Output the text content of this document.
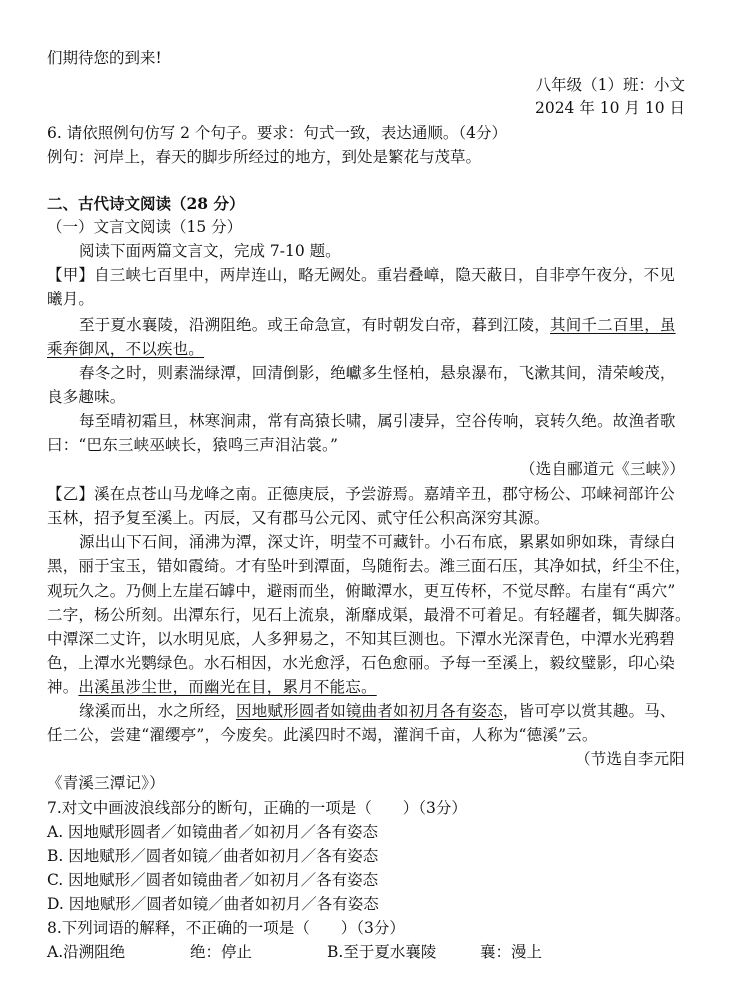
们期待您的到来!
八年级（1）班：小文
2024 年 10 月 10 日
6. 请依照例句仿写 2 个句子。要求：句式一致，表达通顺。（4分）
例句：河岸上，春天的脚步所经过的地方，到处是繁花与茂草。
二、古代诗文阅读（28 分）
（一）文言文阅读（15 分）
阅读下面两篇文言文，完成 7-10 题。
【甲】自三峡七百里中，两岸连山，略无阙处。重岩叠嶂，隐天蔽日，自非亭午夜分，不见
曦月。
至于夏水襄陵，沿溯阻绝。或王命急宣，有时朝发白帝，暮到江陵，其间千二百里，虽
乘奔御风，不以疾也。
春冬之时，则素湍绿潭，回清倒影，绝巘多生怪柏，悬泉瀑布，飞漱其间，清荣峻茂，
良多趣味。
每至晴初霜旦，林寒涧肃，常有高猿长啸，属引凄异，空谷传响，哀转久绝。故渔者歌
曰：“巴东三峡巫峡长，猿鸣三声泪沾裳。”
（选自郦道元《三峡》）
【乙】溪在点苍山马龙峰之南。正德庚辰，予尝游焉。嘉靖辛丑，郡守杨公、邛崃祠部许公
玉林，招予复至溪上。丙辰，又有郡马公元冈、贰守任公积高深穷其源。
源出山下石间，涌沸为潭，深丈许，明莹不可藏针。小石布底，累累如卵如珠，青绿白
黑，丽于宝玉，错如霞绮。才有坠叶到潭面，鸟随衔去。潍三面石压，其净如拭，纤尘不住，
观玩久之。乃侧上左崖石罅中，避雨而坐，俯瞰潭水，更互传杯，不觉尽醉。右崖有“禹穴”
二字，杨公所刻。出潭东行，见石上流泉，渐靡成渠，最滑不可着足。有轻趯者，辄失脚落。
中潭深二丈许，以水明见底，人多狎易之，不知其巨测也。下潭水光深青色，中潭水光鸦碧
色，上潭水光鹦绿色。水石相因，水光愈浮，石色愈丽。予每一至溪上，毅纹璧影，印心染
神。出溪虽涉尘世，而幽光在目，累月不能忘。
缘溪而出，水之所经，因地赋形圆者如镜曲者如初月各有姿态，皆可亭以赏其趣。马、
任二公，尝建“濯缨亭”，今废矣。此溪四时不竭，灌润千亩，人称为“德溪”云。
（节选自李元阳
《青溪三潭记》）
7.对文中画波浪线部分的断句，正确的一项是（　　）（3分）
A. 因地赋形圆者／如镜曲者／如初月／各有姿态
B. 因地赋形／圆者如镜／曲者如初月／各有姿态
C. 因地赋形／圆者如镜曲者／如初月／各有姿态
D. 因地赋形／圆者如镜／曲者如初月／各有姿态
8.下列词语的解释，不正确的一项是（　　）（3分）
A.沿溯阻绝	绝：停止	B.至于夏水襄陵	襄：漫上
